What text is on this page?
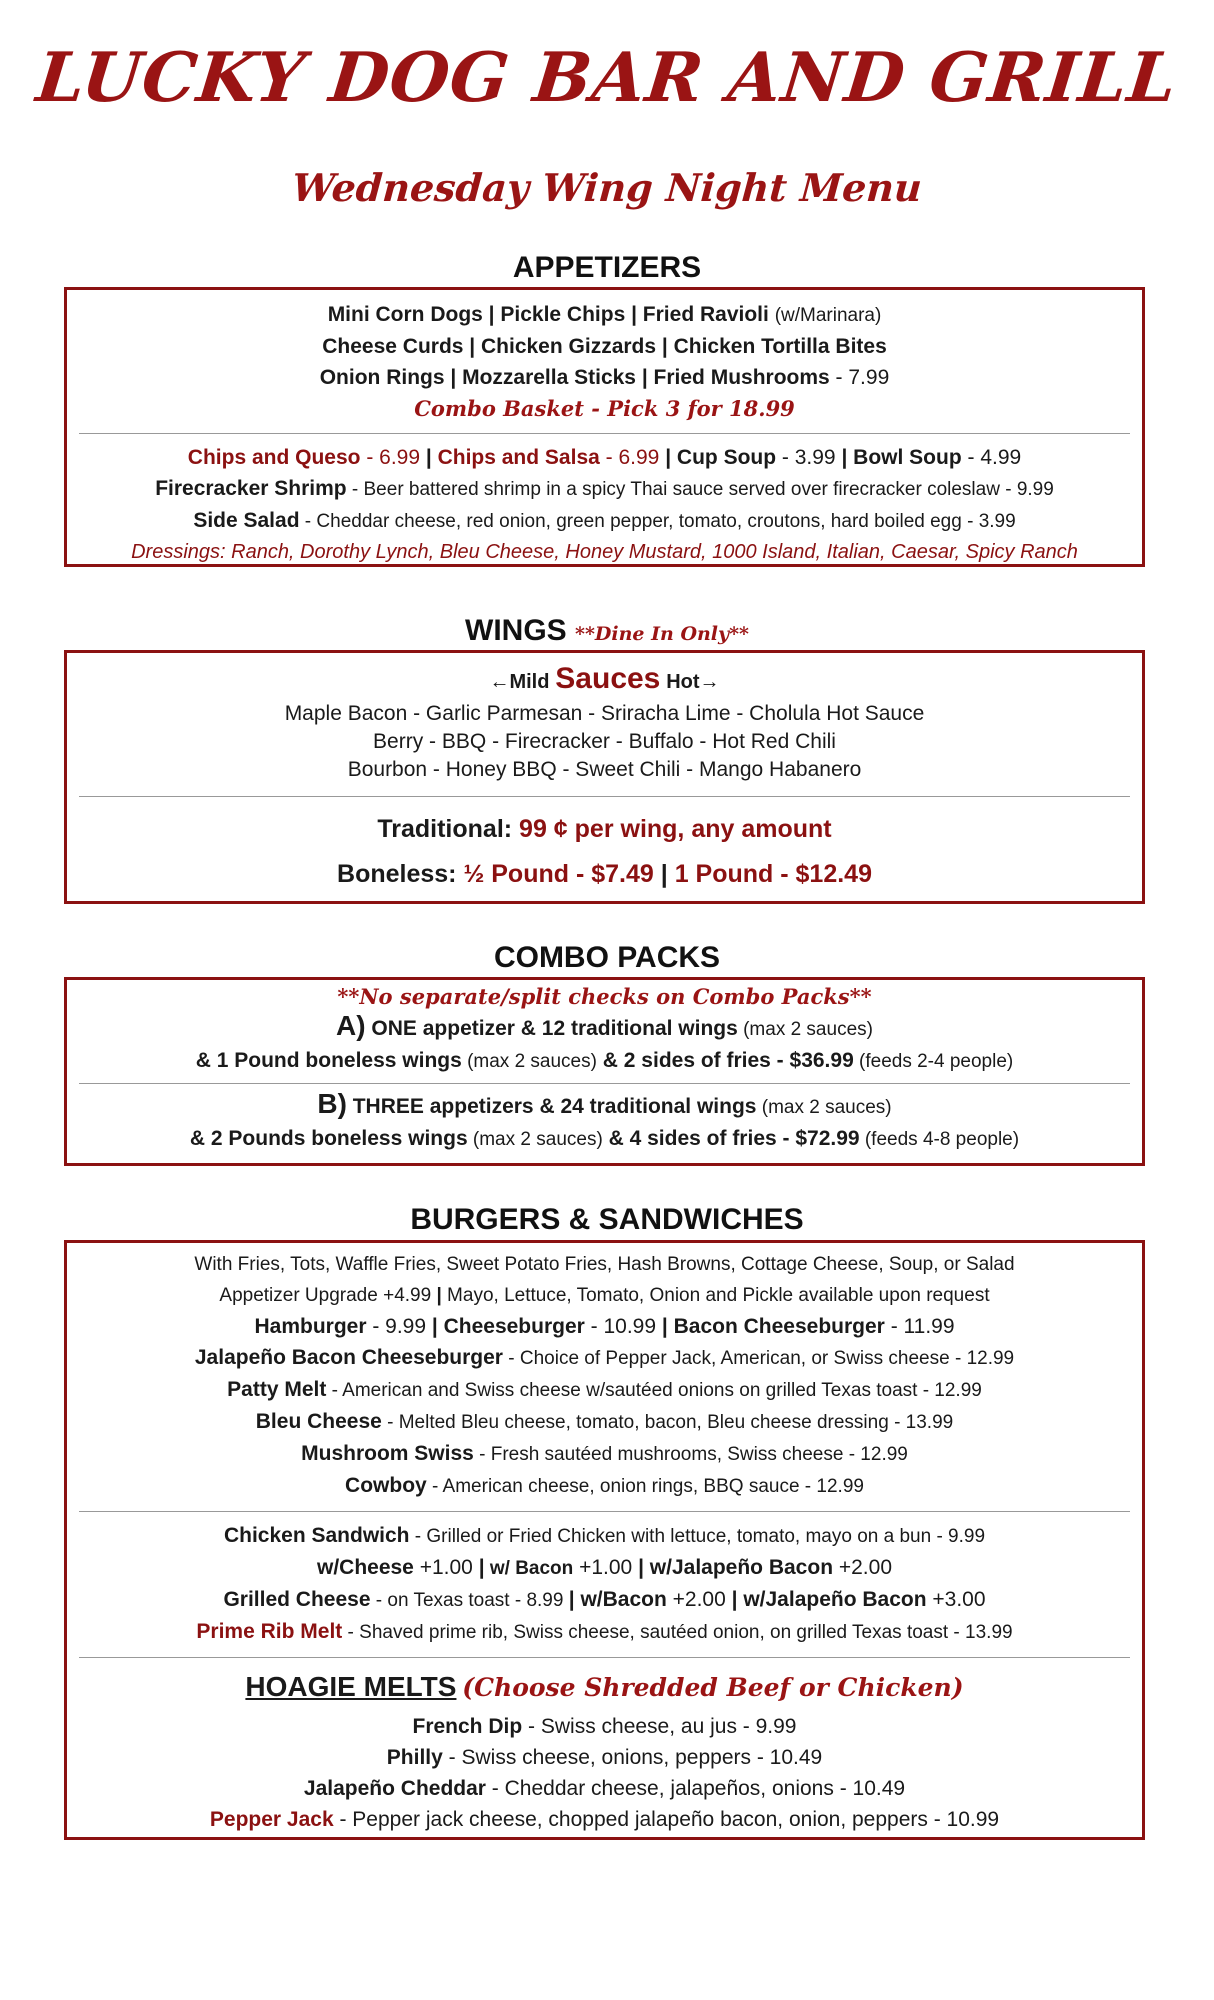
LUCKY DOG BAR AND GRILL
Wednesday Wing Night Menu
APPETIZERS
Mini Corn Dogs | Pickle Chips | Fried Ravioli (w/Marinara)
Cheese Curds | Chicken Gizzards | Chicken Tortilla Bites
Onion Rings | Mozzarella Sticks | Fried Mushrooms - 7.99
Combo Basket - Pick 3 for 18.99
Chips and Queso - 6.99 | Chips and Salsa - 6.99 | Cup Soup - 3.99 | Bowl Soup - 4.99
Firecracker Shrimp - Beer battered shrimp in a spicy Thai sauce served over firecracker coleslaw - 9.99
Side Salad - Cheddar cheese, red onion, green pepper, tomato, croutons, hard boiled egg - 3.99
Dressings: Ranch, Dorothy Lynch, Bleu Cheese, Honey Mustard, 1000 Island, Italian, Caesar, Spicy Ranch
WINGS **Dine In Only**
←Mild Sauces Hot→
Maple Bacon - Garlic Parmesan - Sriracha Lime - Cholula Hot Sauce
Berry - BBQ - Firecracker - Buffalo - Hot Red Chili
Bourbon - Honey BBQ - Sweet Chili - Mango Habanero
Traditional: 99 ¢ per wing, any amount
Boneless: ½ Pound - $7.49 | 1 Pound - $12.49
COMBO PACKS
**No separate/split checks on Combo Packs**
A) ONE appetizer & 12 traditional wings (max 2 sauces)
& 1 Pound boneless wings (max 2 sauces) & 2 sides of fries - $36.99 (feeds 2-4 people)
B) THREE appetizers & 24 traditional wings (max 2 sauces)
& 2 Pounds boneless wings (max 2 sauces) & 4 sides of fries - $72.99 (feeds 4-8 people)
BURGERS & SANDWICHES
With Fries, Tots, Waffle Fries, Sweet Potato Fries, Hash Browns, Cottage Cheese, Soup, or Salad
Appetizer Upgrade +4.99 | Mayo, Lettuce, Tomato, Onion and Pickle available upon request
Hamburger - 9.99 | Cheeseburger - 10.99 | Bacon Cheeseburger - 11.99
Jalapeño Bacon Cheeseburger - Choice of Pepper Jack, American, or Swiss cheese - 12.99
Patty Melt - American and Swiss cheese w/sautéed onions on grilled Texas toast - 12.99
Bleu Cheese - Melted Bleu cheese, tomato, bacon, Bleu cheese dressing - 13.99
Mushroom Swiss - Fresh sautéed mushrooms, Swiss cheese - 12.99
Cowboy - American cheese, onion rings, BBQ sauce - 12.99
Chicken Sandwich - Grilled or Fried Chicken with lettuce, tomato, mayo on a bun - 9.99
w/Cheese +1.00 | w/ Bacon +1.00 | w/Jalapeño Bacon +2.00
Grilled Cheese - on Texas toast - 8.99 | w/Bacon +2.00 | w/Jalapeño Bacon +3.00
Prime Rib Melt - Shaved prime rib, Swiss cheese, sautéed onion, on grilled Texas toast - 13.99
HOAGIE MELTS (Choose Shredded Beef or Chicken)
French Dip - Swiss cheese, au jus - 9.99
Philly - Swiss cheese, onions, peppers - 10.49
Jalapeño Cheddar - Cheddar cheese, jalapeños, onions - 10.49
Pepper Jack - Pepper jack cheese, chopped jalapeño bacon, onion, peppers - 10.99
